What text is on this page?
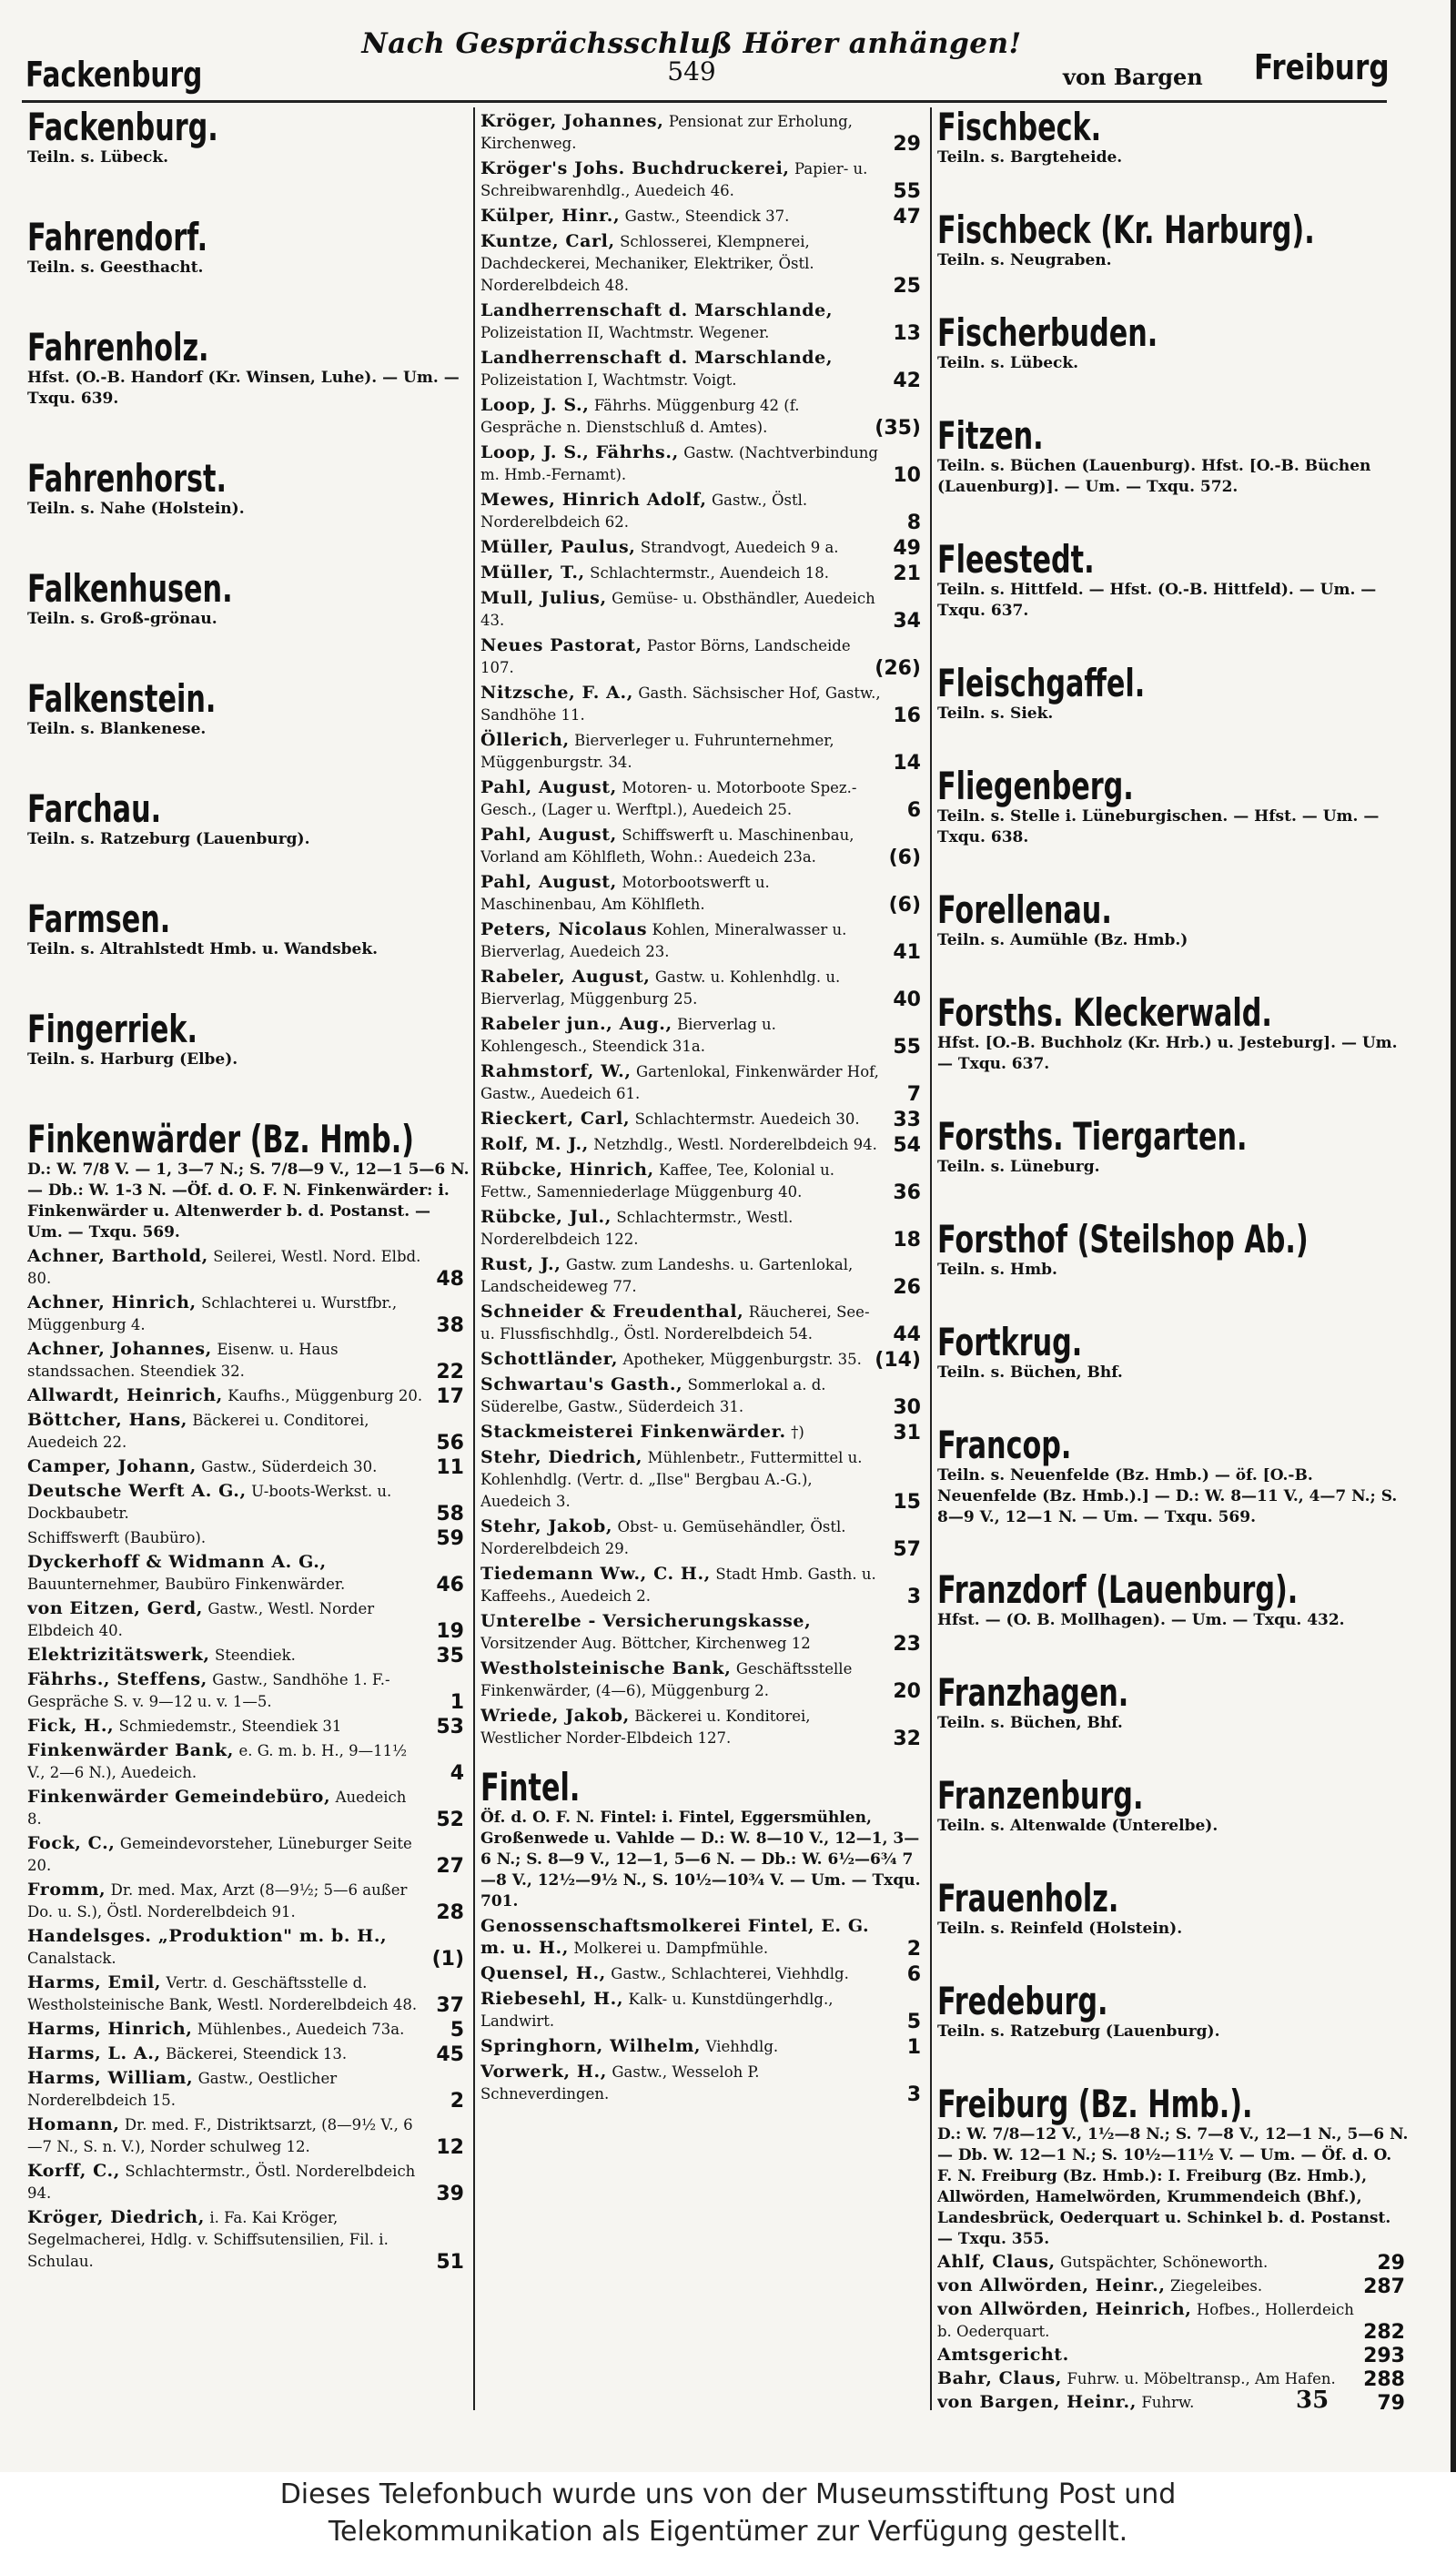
Nach Gesprächsschluß Hörer anhängen!
549
Fackenburg	von Bargen Freiburg
Fackenburg.
Teiln. s. Lübeck.
Fahrendorf.
Teiln. s. Geesthacht.
Fahrenholz.
Hfst. (O.-B. Handorf (Kr. Winsen, Luhe). — Um. — Txqu. 639.
Fahrenhorst.
Teiln. s. Nahe (Holstein).
Falkenhusen.
Teiln. s. Groß-grönau.
Falkenstein.
Teiln. s. Blankenese.
Farchau.
Teiln. s. Ratzeburg (Lauenburg).
Farmsen.
Teiln. s. Altrahlstedt Hmb. u. Wandsbek.
Fingerriek.
Teiln. s. Harburg (Elbe).
Finkenwärder (Bz. Hmb.)
D.: W. 7/8 V. — 1, 3—7 N.; S. 7/8—9 V., 12—1 5—6 N. — Db.: W. 1-3 N. —Öf. d. O. F. N. Finkenwärder: i. Finkenwärder u. Altenwerder b. d. Postanst. — Um. — Txqu. 569.
Achner, Barthold, Seilerei, Westl. Nord. Elbd. 80.	48
Achner, Hinrich, Schlachterei u. Wurstfbr., Müggenburg 4.	38
Achner, Johannes, Eisenw. u. Haus standssachen. Steendiek 32.	22
Allwardt, Heinrich, Kaufhs., Müggenburg 20. 17
Böttcher, Hans, Bäckerei u. Conditorei, Auedeich 22.	56
Camper, Johann, Gastw., Süderdeich 30.	11
Deutsche Werft A. G., U-boots-Werkst. u. Dockbaubetr.	58
Schiffswerft (Baubüro).	59
Dyckerhoff & Widmann A. G., Bauunternehmer, Baubüro Finkenwärder.	46
von Eitzen, Gerd, Gastw., Westl. Norder Elbdeich 40.	19
Elektrizitätswerk, Steendiek.	35
Fährhs., Steffens, Gastw., Sandhöhe 1. F.-Gespräche S. v. 9—12 u. v. 1—5.	1
Fick, H., Schmiedemstr., Steendiek 31	53
Finkenwärder Bank, e. G. m. b. H., 9—11½ V., 2—6 N.), Auedeich.	4
Finkenwärder Gemeindebüro, Auedeich 8.	52
Fock, C., Gemeindevorsteher, Lüneburger Seite 20.	27
Fromm, Dr. med. Max, Arzt (8—9½; 5—6 außer Do. u. S.), Östl. Norderelbdeich 91.	28
Handelsges. „Produktion" m. b. H., Canalstack.	(1)
Harms, Emil, Vertr. d. Geschäftsstelle d. Westholsteinische Bank, Westl. Norderelbdeich 48. 37
Harms, Hinrich, Mühlenbes., Auedeich 73a. 5
Harms, L. A., Bäckerei, Steendick 13.	45
Harms, William, Gastw., Oestlicher Norderelbdeich 15.	2
Homann, Dr. med. F., Distriktsarzt, (8—9½ V., 6—7 N., S. n. V.), Norder schulweg 12.	12
Korff, C., Schlachtermstr., Östl. Norderelbdeich 94.	39
Kröger, Diedrich, i. Fa. Kai Kröger, Segelmacherei, Hdlg. v. Schiffsutensilien, Fil. i. Schulau.	51
Kröger, Johannes, Pensionat zur Erholung, Kirchenweg.	29
Kröger's Johs. Buchdruckerei, Papier- u. Schreibwarenhdlg., Auedeich 46.	55
Külper, Hinr., Gastw., Steendick 37.	47
Kuntze, Carl, Schlosserei, Klempnerei, Dachdeckerei, Mechaniker, Elektriker, Östl. Norderelbdeich 48.	25
Landherrenschaft d. Marschlande, Polizeistation II, Wachtmstr. Wegener.	13
Landherrenschaft d. Marschlande, Polizeistation I, Wachtmstr. Voigt.	42
Loop, J. S., Fährhs. Müggenburg 42 (f. Gespräche n. Dienstschluß d. Amtes).	(35)
Loop, J. S., Fährhs., Gastw. (Nachtverbindung m. Hmb.-Fernamt).	10
Mewes, Hinrich Adolf, Gastw., Östl. Norderelbdeich 62.	8
Müller, Paulus, Strandvogt, Auedeich 9 a.	49
Müller, T., Schlachtermstr., Auendeich 18.	21
Mull, Julius, Gemüse- u. Obsthändler, Auedeich 43.	34
Neues Pastorat, Pastor Börns, Landscheide 107.	(26)
Nitzsche, F. A., Gasth. Sächsischer Hof, Gastw., Sandhöhe 11.	16
Öllerich, Bierverleger u. Fuhrunternehmer, Müggenburgstr. 34.	14
Pahl, August, Motoren- u. Motorboote Spez.-Gesch., (Lager u. Werftpl.), Auedeich 25.	6
Pahl, August, Schiffswerft u. Maschinenbau, Vorland am Köhlfleth, Wohn.: Auedeich 23a.	(6)
Pahl, August, Motorbootswerft u. Maschinenbau, Am Köhlfleth.	(6)
Peters, Nicolaus Kohlen, Mineralwasser u. Bierverlag, Auedeich 23.	41
Rabeler, August, Gastw. u. Kohlenhdlg. u. Bierverlag, Müggenburg 25.	40
Rabeler jun., Aug., Bierverlag u. Kohlengesch., Steendick 31a.	55
Rahmstorf, W., Gartenlokal, Finkenwärder Hof, Gastw., Auedeich 61.	7
Rieckert, Carl, Schlachtermstr. Auedeich 30. 33
Rolf, M. J., Netzhdlg., Westl. Norderelbdeich 94. 54
Rübcke, Hinrich, Kaffee, Tee, Kolonial u. Fettw., Samenniederlage Müggenburg 40.	36
Rübcke, Jul., Schlachtermstr., Westl. Norderelbdeich 122.	18
Rust, J., Gastw. zum Landeshs. u. Gartenlokal, Landscheideweg 77.	26
Schneider & Freudenthal, Räucherei, See- u. Flussfischhdlg., Östl. Norderelbdeich 54.	44
Schottländer, Apotheker, Müggenburgstr. 35. (14)
Schwartau's Gasth., Sommerlokal a. d. Süderelbe, Gastw., Süderdeich 31.	30
Stackmeisterei Finkenwärder. †)	31
Stehr, Diedrich, Mühlenbetr., Futtermittel u. Kohlenhdlg. (Vertr. d. „Ilse" Bergbau A.-G.), Auedeich 3.	15
Stehr, Jakob, Obst- u. Gemüsehändler, Östl. Norderelbdeich 29.	57
Tiedemann Ww., C. H., Stadt Hmb. Gasth. u. Kaffeehs., Auedeich 2.	3
Unterelbe - Versicherungskasse, Vorsitzender Aug. Böttcher, Kirchenweg 12	23
Westholsteinische Bank, Geschäftsstelle Finkenwärder, (4—6), Müggenburg 2.	20
Wriede, Jakob, Bäckerei u. Konditorei, Westlicher Norder-Elbdeich 127.	32
Fintel.
Öf. d. O. F. N. Fintel: i. Fintel, Eggersmühlen, Großenwede u. Vahlde — D.: W. 8—10 V., 12—1, 3—6 N.; S. 8—9 V., 12—1, 5—6 N. — Db.: W. 6½—6¾ 7—8 V., 12½—9½ N., S. 10½—10¾ V. — Um. — Txqu. 701.
Genossenschaftsmolkerei Fintel, E. G. m. u. H., Molkerei u. Dampfmühle.	2
Quensel, H., Gastw., Schlachterei, Viehhdlg.	6
Riebesehl, H., Kalk- u. Kunstdüngerhdlg., Landwirt.	5
Springhorn, Wilhelm, Viehhdlg.	1
Vorwerk, H., Gastw., Wesseloh P. Schneverdingen.	3
Fischbeck.
Teiln. s. Bargteheide.
Fischbeck (Kr. Harburg).
Teiln. s. Neugraben.
Fischerbuden.
Teiln. s. Lübeck.
Fitzen.
Teiln. s. Büchen (Lauenburg). Hfst. [O.-B. Büchen (Lauenburg)]. — Um. — Txqu. 572.
Fleestedt.
Teiln. s. Hittfeld. — Hfst. (O.-B. Hittfeld). — Um. — Txqu. 637.
Fleischgaffel.
Teiln. s. Siek.
Fliegenberg.
Teiln. s. Stelle i. Lüneburgischen. — Hfst. — Um. — Txqu. 638.
Forellenau.
Teiln. s. Aumühle (Bz. Hmb.)
Forsths. Kleckerwald.
Hfst. [O.-B. Buchholz (Kr. Hrb.) u. Jesteburg]. — Um. — Txqu. 637.
Forsths. Tiergarten.
Teiln. s. Lüneburg.
Forsthof (Steilshop Ab.)
Teiln. s. Hmb.
Fortkrug.
Teiln. s. Büchen, Bhf.
Francop.
Teiln. s. Neuenfelde (Bz. Hmb.) — öf. [O.-B. Neuenfelde (Bz. Hmb.).] — D.: W. 8—11 V., 4—7 N.; S. 8—9 V., 12—1 N. — Um. — Txqu. 569.
Franzdorf (Lauenburg).
Hfst. — (O. B. Mollhagen). — Um. — Txqu. 432.
Franzhagen.
Teiln. s. Büchen, Bhf.
Franzenburg.
Teiln. s. Altenwalde (Unterelbe).
Frauenholz.
Teiln. s. Reinfeld (Holstein).
Fredeburg.
Teiln. s. Ratzeburg (Lauenburg).
Freiburg (Bz. Hmb.).
D.: W. 7/8—12 V., 1½—8 N.; S. 7—8 V., 12—1 N., 5—6 N. — Db. W. 12—1 N.; S. 10½—11½ V. — Um. — Öf. d. O. F. N. Freiburg (Bz. Hmb.): I. Freiburg (Bz. Hmb.), Allwörden, Hamelwörden, Krummendeich (Bhf.), Landesbrück, Oederquart u. Schinkel b. d. Postanst. — Txqu. 355.
Ahlf, Claus, Gutspächter, Schöneworth.	29
von Allwörden, Heinr., Ziegeleibes.	287
von Allwörden, Heinrich, Hofbes., Hollerdeich b. Oederquart.	282
Amtsgericht.	293
Bahr, Claus, Fuhrw. u. Möbeltransp., Am Hafen. 288
von Bargen, Heinr., Fuhrw.	79
35
Dieses Telefonbuch wurde uns von der Museumsstiftung Post und
Telekommunikation als Eigentümer zur Verfügung gestellt.
